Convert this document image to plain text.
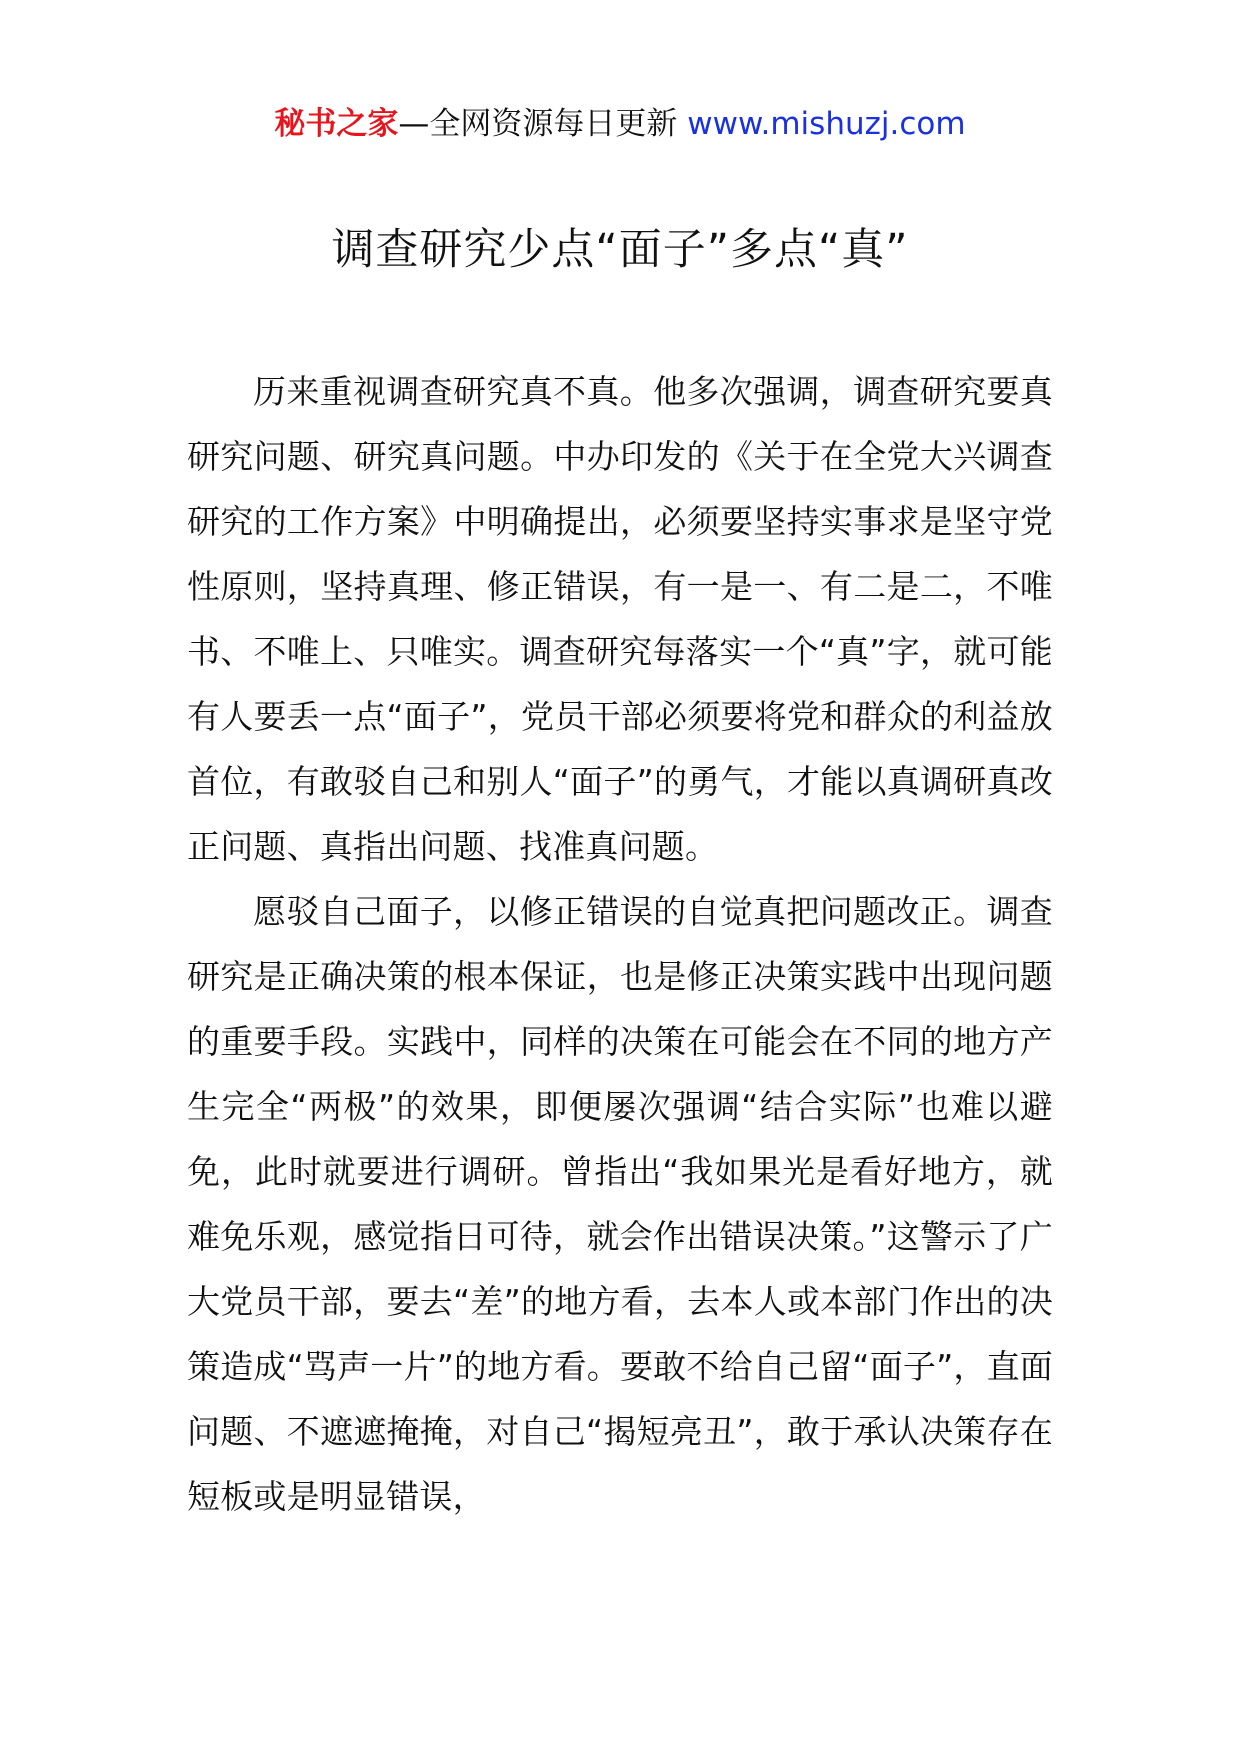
秘书之家—全网资源每日更新 www.mishuzj.com
调查研究少点“面子”多点“真”

历来重视调查研究真不真。他多次强调，调查研究要真研究问题、研究真问题。中办印发的《关于在全党大兴调查研究的工作方案》中明确提出，必须要坚持实事求是坚守党性原则，坚持真理、修正错误，有一是一、有二是二，不唯书、不唯上、只唯实。调查研究每落实一个“真”字，就可能有人要丢一点“面子”，党员干部必须要将党和群众的利益放首位，有敢驳自己和别人“面子”的勇气，才能以真调研真改正问题、真指出问题、找准真问题。

愿驳自己面子，以修正错误的自觉真把问题改正。调查研究是正确决策的根本保证，也是修正决策实践中出现问题的重要手段。实践中，同样的决策在可能会在不同的地方产生完全“两极”的效果，即便屡次强调“结合实际”也难以避免，此时就要进行调研。曾指出“我如果光是看好地方，就难免乐观，感觉指日可待，就会作出错误决策。”这警示了广大党员干部，要去“差”的地方看，去本人或本部门作出的决策造成“骂声一片”的地方看。要敢不给自己留“面子”，直面问题、不遮遮掩掩，对自己“揭短亮丑”，敢于承认决策存在短板或是明显错误，
